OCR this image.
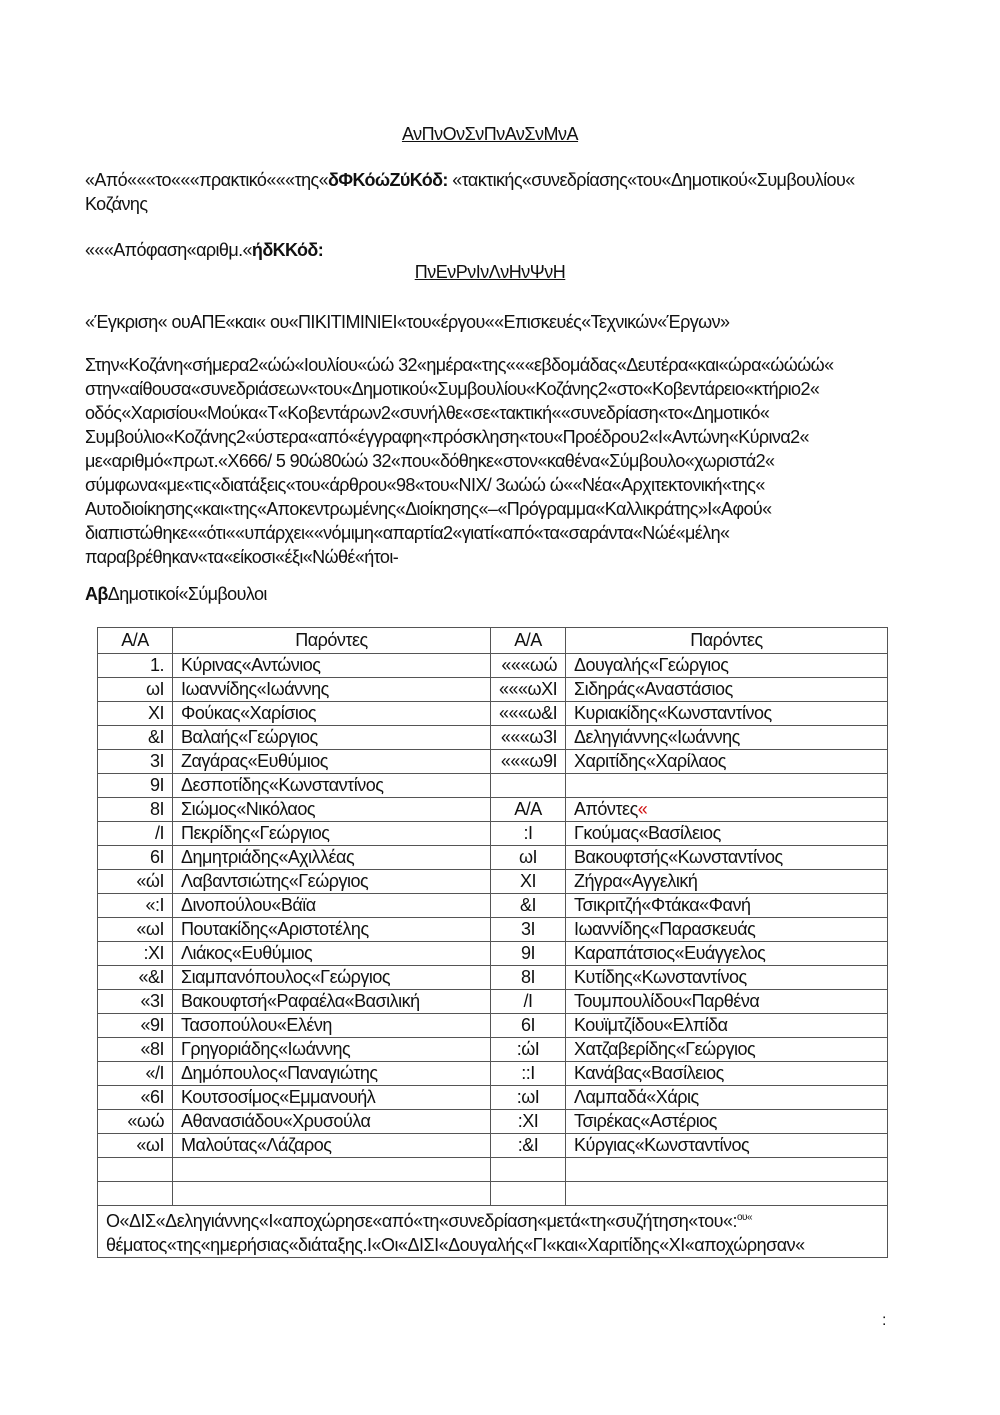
ΑνΠνΟνΣνΠνΑνΣνΜνΑ
«Από«««το«««πρακτικό«««της«δΦΚόώΖύΚόδ: «τακτικής«συνεδρίασης«του«Δημοτικού«Συμβουλίου«
Κοζάνης
«««Απόφαση«αριθμ.«ήδΚΚόδ:
ΠνΕνΡνΙνΛνΗνΨνΗ
«Έγκριση« ουΑΠΕ«και« ου«ΠΙΚΙΤΙΜΙΝΙΕΙ«του«έργου««Επισκευές«Τεχνικών«Έργων»
Στην«Κοζάνη«σήμερα2«ώώ«Ιουλίου«ώώ 32«ημέρα«της«««εβδομάδας«Δευτέρα«και«ώρα«ώώώώ«
στην«αίθουσα«συνεδριάσεων«του«Δημοτικού«Συμβουλίου«Κοζάνης2«στο«Κοβεντάρειο«κτήριο2«
οδός«Χαρισίου«Μούκα«Τ«Κοβεντάρων2«συνήλθε«σε«τακτική««συνεδρίαση«το«Δημοτικό«
Συμβούλιο«Κοζάνης2«ύστερα«από«έγγραφη«πρόσκληση«του«Προέδρου2«Ι«Αντώνη«Κύρινα2«
με«αριθμό«πρωτ.«Χ666/ 5 90ώ80ώώ 32«που«δόθηκε«στον«καθένα«Σύμβουλο«χωριστά2«
σύμφωνα«με«τις«διατάξεις«του«άρθρου«98«του«ΝΙΧ/ 3ωώώ ώ««Νέα«Αρχιτεκτονική«της«
Αυτοδιοίκησης«και«της«Αποκεντρωμένης«Διοίκησης«–«Πρόγραμμα«Καλλικράτης»Ι«Αφού«
διαπιστώθηκε««ότι««υπάρχει««νόμιμη«απαρτία2«γιατί«από«τα«σαράντα«Νώέ«μέλη«
παραβρέθηκαν«τα«είκοσι«έξι«Νώθέ«ήτοι-
ΑβΔημοτικοί«Σύμβουλοι
Α/Α	Παρόντες	Α/Α	Παρόντες
1.	Κύρινας«Αντώνιος	«««ωώ	Δουγαλής«Γεώργιος
ωΙ	Ιωαννίδης«Ιωάννης	«««ωΧΙ	Σιδηράς«Αναστάσιος
ΧΙ	Φούκας«Χαρίσιος	«««ω&Ι	Κυριακίδης«Κωνσταντίνος
&Ι	Βαλαής«Γεώργιος	«««ω3Ι	Δεληγιάννης«Ιωάννης
3Ι	Ζαγάρας«Ευθύμιος	«««ω9Ι	Χαριτίδης«Χαρίλαος
9Ι	Δεσποτίδης«Κωνσταντίνος		
8Ι	Σιώμος«Νικόλαος	Α/Α	Απόντες«
/Ι	Πεκρίδης«Γεώργιος	:Ι	Γκούμας«Βασίλειος
6Ι	Δημητριάδης«Αχιλλέας	ωΙ	Βακουφτσής«Κωνσταντίνος
«ώΙ	Λαβαντσιώτης«Γεώργιος	ΧΙ	Ζήγρα«Αγγελική
«:Ι	Δινοπούλου«Βάϊα	&Ι	Τσικριτζή«Φτάκα«Φανή
«ωΙ	Πουτακίδης«Αριστοτέλης	3Ι	Ιωαννίδης«Παρασκευάς
:ΧΙ	Λιάκος«Ευθύμιος	9Ι	Καραπάτσιος«Ευάγγελος
«&Ι	Σιαμπανόπουλος«Γεώργιος	8Ι	Κυτίδης«Κωνσταντίνος
«3Ι	Βακουφτσή«Ραφαέλα«Βασιλική	/Ι	Τουμπουλίδου«Παρθένα
«9Ι	Τασοπούλου«Ελένη	6Ι	Κουϊμτζίδου«Ελπίδα
«8Ι	Γρηγοριάδης«Ιωάννης	:ώΙ	Χατζαβερίδης«Γεώργιος
«/Ι	Δημόπουλος«Παναγιώτης	::Ι	Κανάβας«Βασίλειος
«6Ι	Κουτσοσίμος«Εμμανουήλ	:ωΙ	Λαμπαδά«Χάρις
«ωώ	Αθανασιάδου«Χρυσούλα	:ΧΙ	Τσιρέκας«Αστέριος
«ωΙ	Μαλούτας«Λάζαρος	:&Ι	Κύργιας«Κωνσταντίνος

Ο«ΔΙΣ«Δεληγιάννης«Ι«αποχώρησε«από«τη«συνεδρίαση«μετά«τη«συζήτηση«του«:$^{o\upsilon«}$
θέματος«της«ημερήσιας«διάταξης.Ι«Οι«ΔΙΣΙ«Δουγαλής«ΓΙ«και«Χαριτίδης«ΧΙ«αποχώρησαν«			
:
